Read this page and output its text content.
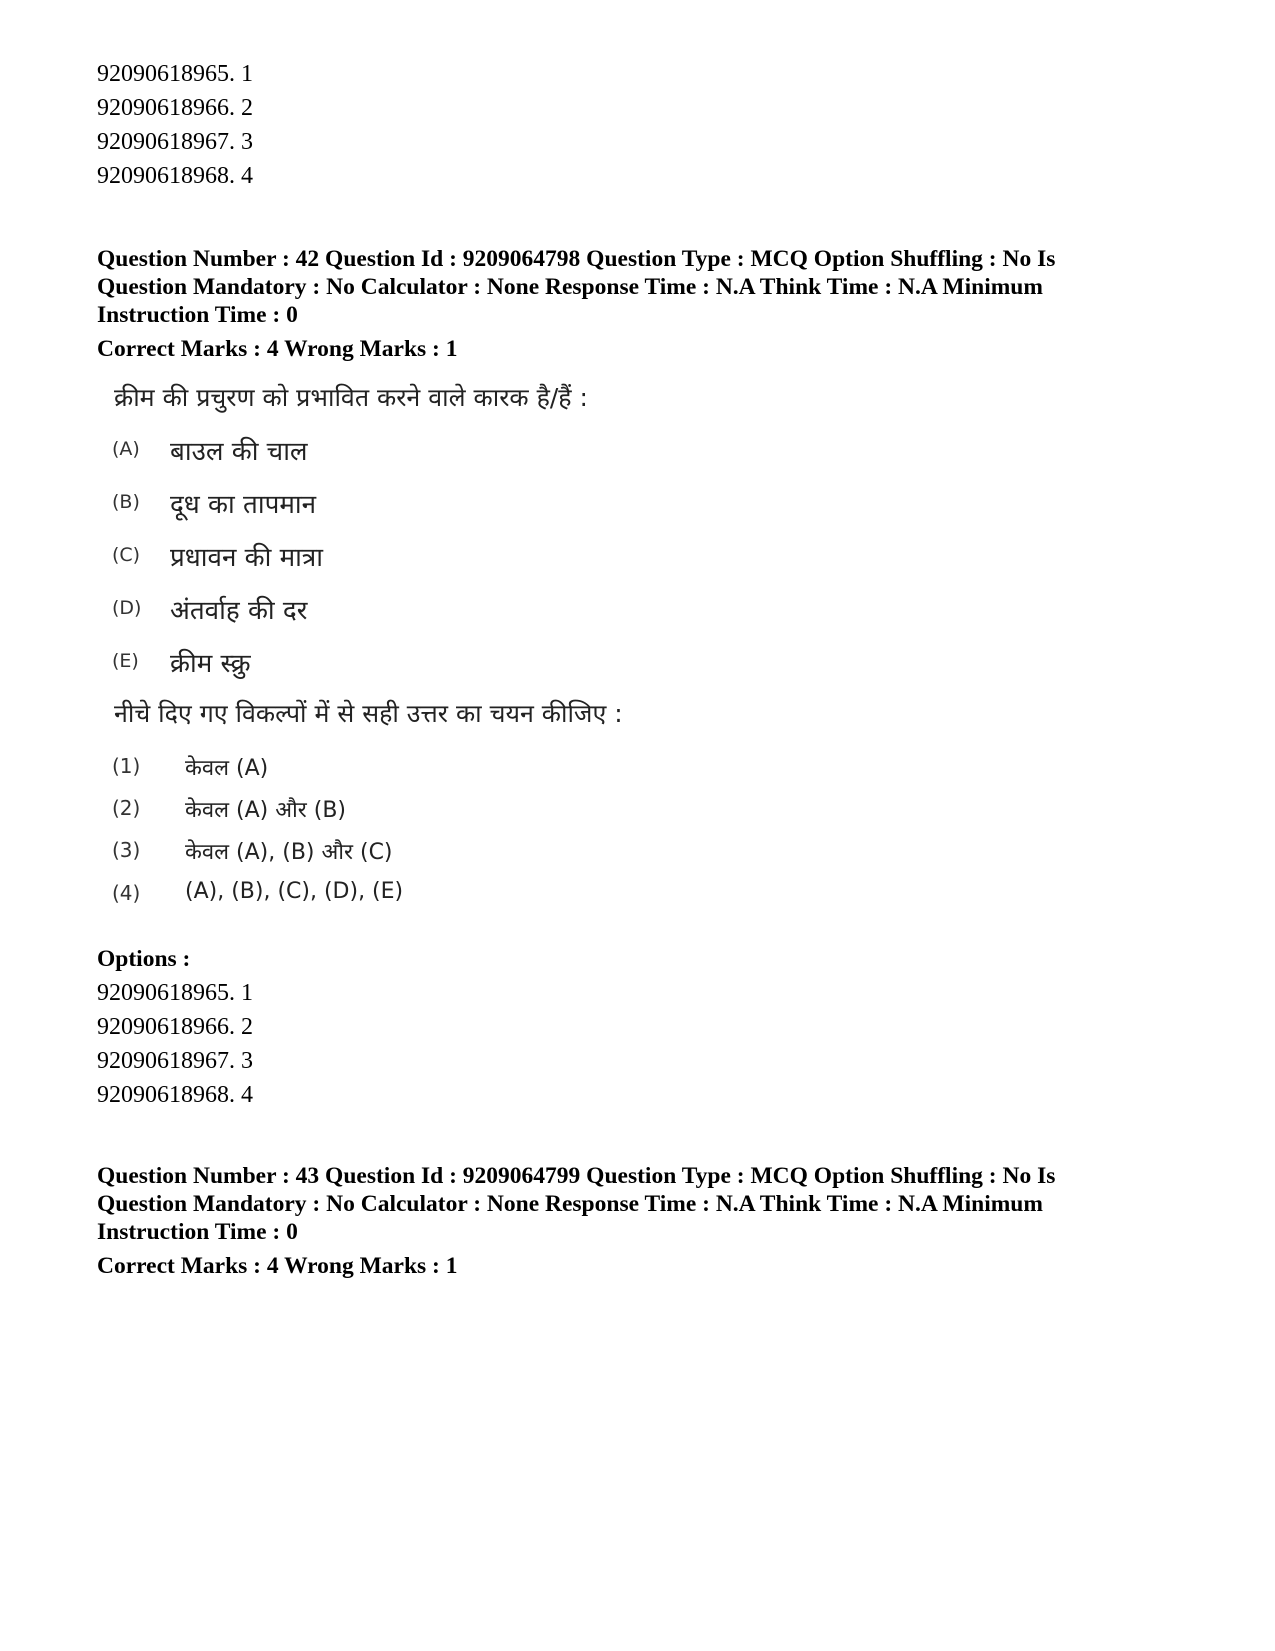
92090618965. 1
92090618966. 2
92090618967. 3
92090618968. 4
Question Number : 42 Question Id : 9209064798 Question Type : MCQ Option Shuffling : No Is
Question Mandatory : No Calculator : None Response Time : N.A Think Time : N.A Minimum
Instruction Time : 0
Correct Marks : 4 Wrong Marks : 1
क्रीम की प्रचुरण को प्रभावित करने वाले कारक है/हैं :
(A) बाउल की चाल
(B) दूध का तापमान
(C) प्रधावन की मात्रा
(D) अंतर्वाह की दर
(E) क्रीम स्क्रु
नीचे दिए गए विकल्पों में से सही उत्तर का चयन कीजिए :
(1) केवल (A)
(2) केवल (A) और (B)
(3) केवल (A), (B) और (C)
(4) (A), (B), (C), (D), (E)
Options :
92090618965. 1
92090618966. 2
92090618967. 3
92090618968. 4
Question Number : 43 Question Id : 9209064799 Question Type : MCQ Option Shuffling : No Is
Question Mandatory : No Calculator : None Response Time : N.A Think Time : N.A Minimum
Instruction Time : 0
Correct Marks : 4 Wrong Marks : 1
